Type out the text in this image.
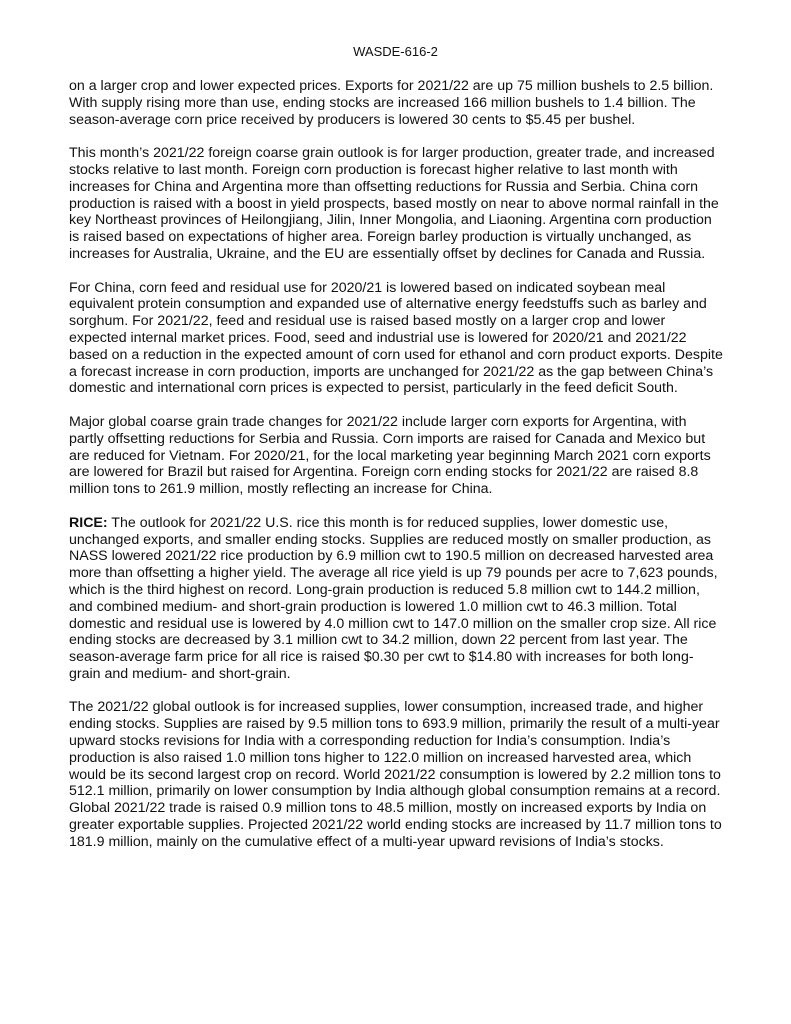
WASDE-616-2

on a larger crop and lower expected prices. Exports for 2021/22 are up 75 million bushels to 2.5 billion. With supply rising more than use, ending stocks are increased 166 million bushels to 1.4 billion. The season-average corn price received by producers is lowered 30 cents to $5.45 per bushel.

This month’s 2021/22 foreign coarse grain outlook is for larger production, greater trade, and increased stocks relative to last month. Foreign corn production is forecast higher relative to last month with increases for China and Argentina more than offsetting reductions for Russia and Serbia. China corn production is raised with a boost in yield prospects, based mostly on near to above normal rainfall in the key Northeast provinces of Heilongjiang, Jilin, Inner Mongolia, and Liaoning. Argentina corn production is raised based on expectations of higher area. Foreign barley production is virtually unchanged, as increases for Australia, Ukraine, and the EU are essentially offset by declines for Canada and Russia.

For China, corn feed and residual use for 2020/21 is lowered based on indicated soybean meal equivalent protein consumption and expanded use of alternative energy feedstuffs such as barley and sorghum. For 2021/22, feed and residual use is raised based mostly on a larger crop and lower expected internal market prices. Food, seed and industrial use is lowered for 2020/21 and 2021/22 based on a reduction in the expected amount of corn used for ethanol and corn product exports. Despite a forecast increase in corn production, imports are unchanged for 2021/22 as the gap between China’s domestic and international corn prices is expected to persist, particularly in the feed deficit South.

Major global coarse grain trade changes for 2021/22 include larger corn exports for Argentina, with partly offsetting reductions for Serbia and Russia. Corn imports are raised for Canada and Mexico but are reduced for Vietnam. For 2020/21, for the local marketing year beginning March 2021 corn exports are lowered for Brazil but raised for Argentina. Foreign corn ending stocks for 2021/22 are raised 8.8 million tons to 261.9 million, mostly reflecting an increase for China.

RICE: The outlook for 2021/22 U.S. rice this month is for reduced supplies, lower domestic use, unchanged exports, and smaller ending stocks. Supplies are reduced mostly on smaller production, as NASS lowered 2021/22 rice production by 6.9 million cwt to 190.5 million on decreased harvested area more than offsetting a higher yield. The average all rice yield is up 79 pounds per acre to 7,623 pounds, which is the third highest on record. Long-grain production is reduced 5.8 million cwt to 144.2 million, and combined medium- and short-grain production is lowered 1.0 million cwt to 46.3 million. Total domestic and residual use is lowered by 4.0 million cwt to 147.0 million on the smaller crop size. All rice ending stocks are decreased by 3.1 million cwt to 34.2 million, down 22 percent from last year. The season-average farm price for all rice is raised $0.30 per cwt to $14.80 with increases for both long-grain and medium- and short-grain.

The 2021/22 global outlook is for increased supplies, lower consumption, increased trade, and higher ending stocks. Supplies are raised by 9.5 million tons to 693.9 million, primarily the result of a multi-year upward stocks revisions for India with a corresponding reduction for India’s consumption. India’s production is also raised 1.0 million tons higher to 122.0 million on increased harvested area, which would be its second largest crop on record. World 2021/22 consumption is lowered by 2.2 million tons to 512.1 million, primarily on lower consumption by India although global consumption remains at a record. Global 2021/22 trade is raised 0.9 million tons to 48.5 million, mostly on increased exports by India on greater exportable supplies. Projected 2021/22 world ending stocks are increased by 11.7 million tons to 181.9 million, mainly on the cumulative effect of a multi-year upward revisions of India’s stocks.
